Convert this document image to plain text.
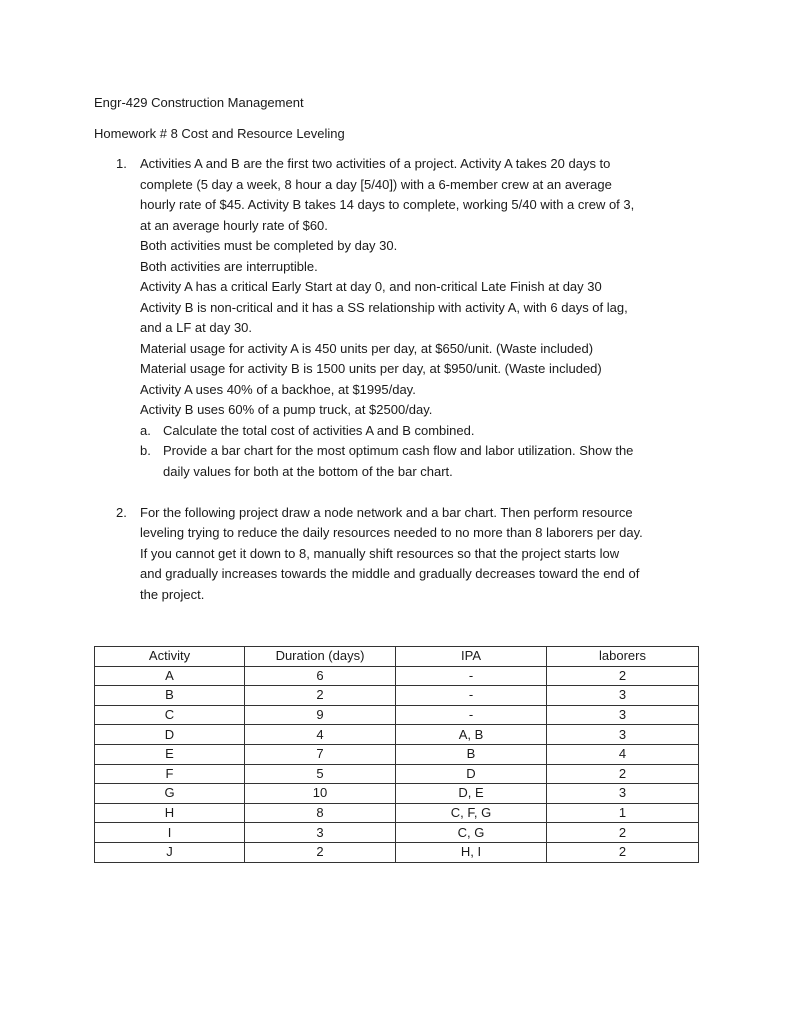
Engr-429 Construction Management
Homework # 8 Cost and Resource Leveling
1. Activities A and B are the first two activities of a project. Activity A takes 20 days to
complete (5 day a week, 8 hour a day [5/40]) with a 6-member crew at an average
hourly rate of $45. Activity B takes 14 days to complete, working 5/40 with a crew of 3,
at an average hourly rate of $60.
Both activities must be completed by day 30.
Both activities are interruptible.
Activity A has a critical Early Start at day 0, and non-critical Late Finish at day 30
Activity B is non-critical and it has a SS relationship with activity A, with 6 days of lag,
and a LF at day 30.
Material usage for activity A is 450 units per day, at $650/unit. (Waste included)
Material usage for activity B is 1500 units per day, at $950/unit. (Waste included)
Activity A uses 40% of a backhoe, at $1995/day.
Activity B uses 60% of a pump truck, at $2500/day.
a. Calculate the total cost of activities A and B combined.
b. Provide a bar chart for the most optimum cash flow and labor utilization. Show the
daily values for both at the bottom of the bar chart.
2. For the following project draw a node network and a bar chart. Then perform resource
leveling trying to reduce the daily resources needed to no more than 8 laborers per day.
If you cannot get it down to 8, manually shift resources so that the project starts low
and gradually increases towards the middle and gradually decreases toward the end of
the project.
Activity	Duration (days)	IPA	laborers
A	6	-	2
B	2	-	3
C	9	-	3
D	4	A, B	3
E	7	B	4
F	5	D	2
G	10	D, E	3
H	8	C, F, G	1
I	3	C, G	2
J	2	H, I	2
